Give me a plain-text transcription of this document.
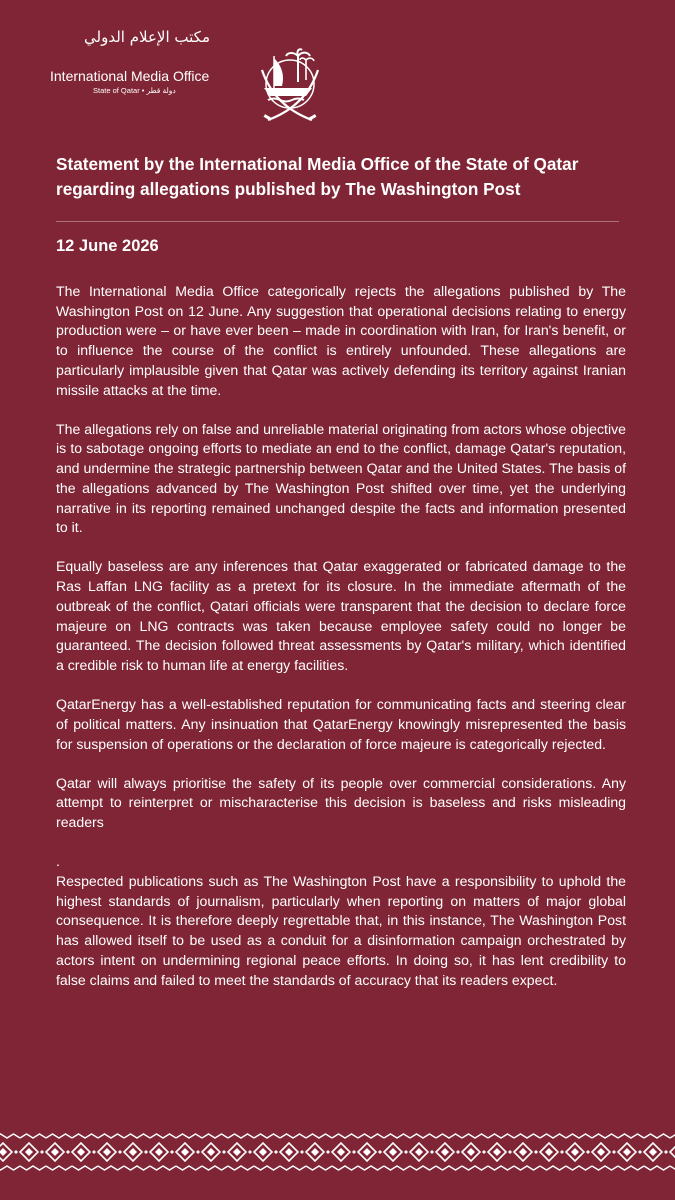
مكتب الإعلام الدولي
International Media Office
State of Qatar • دولة قطر
Statement by the International Media Office of the State of Qatar regarding allegations published by The Washington Post

12 June 2026

The International Media Office categorically rejects the allegations published by The Washington Post on 12 June. Any suggestion that operational decisions relating to energy production were – or have ever been – made in coordination with Iran, for Iran's benefit, or to influence the course of the conflict is entirely unfounded. These allegations are particularly implausible given that Qatar was actively defending its territory against Iranian missile attacks at the time.

The allegations rely on false and unreliable material originating from actors whose objective is to sabotage ongoing efforts to mediate an end to the conflict, damage Qatar's reputation, and undermine the strategic partnership between Qatar and the United States. The basis of the allegations advanced by The Washington Post shifted over time, yet the underlying narrative in its reporting remained unchanged despite the facts and information presented to it.

Equally baseless are any inferences that Qatar exaggerated or fabricated damage to the Ras Laffan LNG facility as a pretext for its closure. In the immediate aftermath of the outbreak of the conflict, Qatari officials were transparent that the decision to declare force majeure on LNG contracts was taken because employee safety could no longer be guaranteed. The decision followed threat assessments by Qatar's military, which identified a credible risk to human life at energy facilities.

QatarEnergy has a well-established reputation for communicating facts and steering clear of political matters. Any insinuation that QatarEnergy knowingly misrepresented the basis for suspension of operations or the declaration of force majeure is categorically rejected.

Qatar will always prioritise the safety of its people over commercial considerations. Any attempt to reinterpret or mischaracterise this decision is baseless and risks misleading readers

.

Respected publications such as The Washington Post have a responsibility to uphold the highest standards of journalism, particularly when reporting on matters of major global consequence. It is therefore deeply regrettable that, in this instance, The Washington Post has allowed itself to be used as a conduit for a disinformation campaign orchestrated by actors intent on undermining regional peace efforts. In doing so, it has lent credibility to false claims and failed to meet the standards of accuracy that its readers expect.
